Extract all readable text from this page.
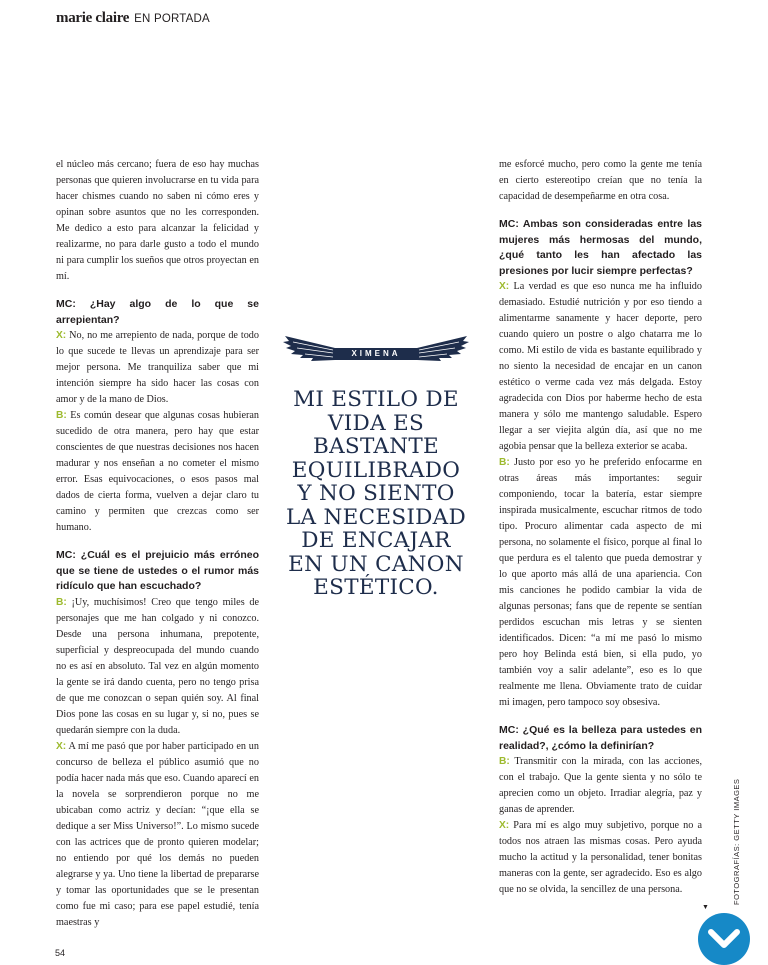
marie claire EN PORTADA

el núcleo más cercano; fuera de eso hay muchas personas que quieren involucrarse en tu vida para hacer chismes cuando no saben ni cómo eres y opinan sobre asuntos que no les corresponden. Me dedico a esto para alcanzar la felicidad y realizarme, no para darle gusto a todo el mundo ni para cumplir los sueños que otros proyectan en mí.

MC: ¿Hay algo de lo que se arrepientan?

X: No, no me arrepiento de nada, porque de todo lo que sucede te llevas un aprendizaje para ser mejor persona. Me tranquiliza saber que mi intención siempre ha sido hacer las cosas con amor y de la mano de Dios.

B: Es común desear que algunas cosas hubieran sucedido de otra manera, pero hay que estar conscientes de que nuestras decisiones nos hacen madurar y nos enseñan a no cometer el mismo error. Esas equivocaciones, o esos pasos mal dados de cierta forma, vuelven a dejar claro tu camino y permiten que crezcas como ser humano.

MC: ¿Cuál es el prejuicio más erróneo que se tiene de ustedes o el rumor más ridículo que han escuchado?

B: ¡Uy, muchísimos! Creo que tengo miles de personajes que me han colgado y ni conozco. Desde una persona inhumana, prepotente, superficial y despreocupada del mundo cuando no es así en absoluto. Tal vez en algún momento la gente se irá dando cuenta, pero no tengo prisa de que me conozcan o sepan quién soy. Al final Dios pone las cosas en su lugar y, si no, pues se quedarán siempre con la duda.

X: A mí me pasó que por haber participado en un concurso de belleza el público asumió que no podía hacer nada más que eso. Cuando aparecí en la novela se sorprendieron porque no me ubicaban como actriz y decían: “¡que ella se dedique a ser Miss Universo!”. Lo mismo sucede con las actrices que de pronto quieren modelar; no entiendo por qué los demás no pueden alegrarse y ya. Uno tiene la libertad de prepararse y tomar las oportunidades que se le presentan como fue mi caso; para ese papel estudié, tenía maestras y

XIMENA
MI ESTILO DE VIDA ES BASTANTE EQUILIBRADO Y NO SIENTO LA NECESIDAD DE ENCAJAR EN UN CANON ESTÉTICO.

me esforcé mucho, pero como la gente me tenía en cierto estereotipo creían que no tenía la capacidad de desempeñarme en otra cosa.

MC: Ambas son consideradas entre las mujeres más hermosas del mundo, ¿qué tanto les han afectado las presiones por lucir siempre perfectas?

X: La verdad es que eso nunca me ha influido demasiado. Estudié nutrición y por eso tiendo a alimentarme sanamente y hacer deporte, pero cuando quiero un postre o algo chatarra me lo como. Mi estilo de vida es bastante equilibrado y no siento la necesidad de encajar en un canon estético o verme cada vez más delgada. Estoy agradecida con Dios por haberme hecho de esta manera y sólo me mantengo saludable. Espero llegar a ser viejita algún día, así que no me agobia pensar que la belleza exterior se acaba.

B: Justo por eso yo he preferido enfocarme en otras áreas más importantes: seguir componiendo, tocar la batería, estar siempre inspirada musicalmente, escuchar ritmos de todo tipo. Procuro alimentar cada aspecto de mi persona, no solamente el físico, porque al final lo que perdura es el talento que pueda demostrar y lo que aporto más allá de una apariencia. Con mis canciones he podido cambiar la vida de algunas personas; fans que de repente se sentían perdidos escuchan mis letras y se sienten identificados. Dicen: “a mí me pasó lo mismo pero hoy Belinda está bien, si ella pudo, yo también voy a salir adelante”, eso es lo que realmente me llena. Obviamente trato de cuidar mi imagen, pero tampoco soy obsesiva.

MC: ¿Qué es la belleza para ustedes en realidad?, ¿cómo la definirían?

B: Transmitir con la mirada, con las acciones, con el trabajo. Que la gente sienta y no sólo te aprecien como un objeto. Irradiar alegría, paz y ganas de aprender.

X: Para mí es algo muy subjetivo, porque no a todos nos atraen las mismas cosas. Pero ayuda mucho la actitud y la personalidad, tener bonitas maneras con la gente, ser agradecido. Eso es algo que no se olvida, la sencillez de una persona.

▼
FOTOGRAFÍAS: GETTY IMAGES
54
